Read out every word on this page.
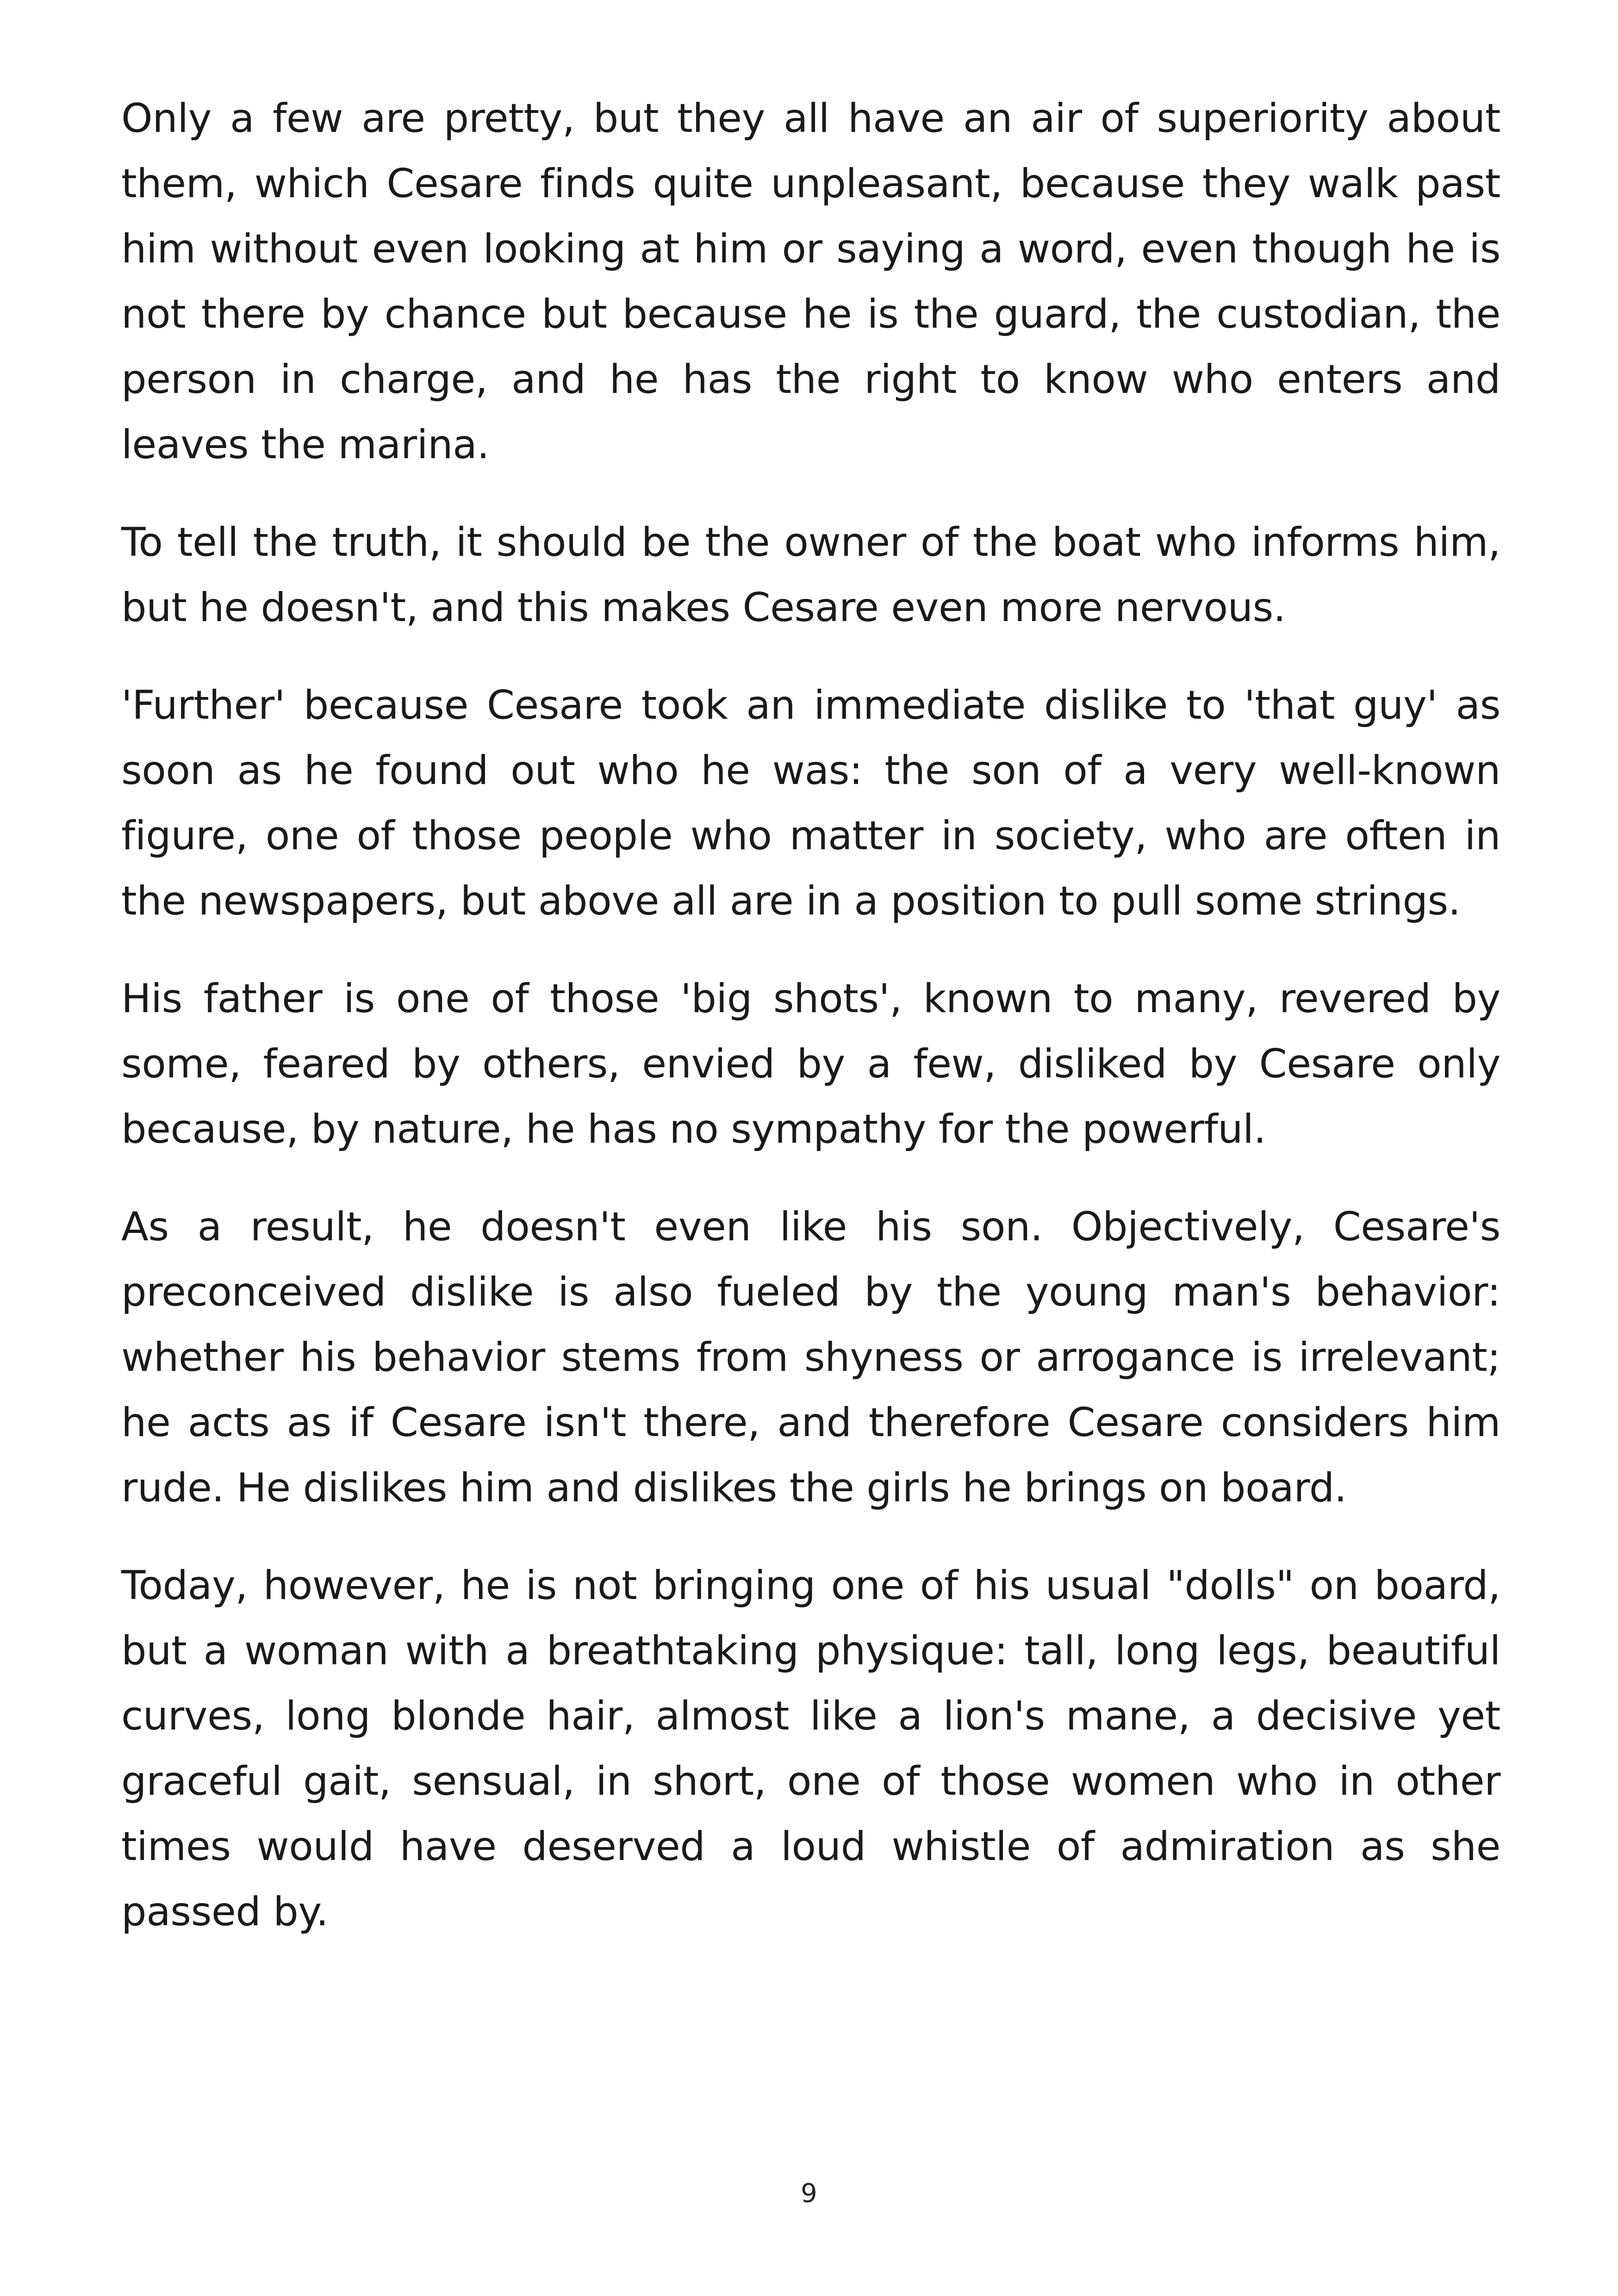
Only a few are pretty, but they all have an air of superiority about them, which Cesare finds quite unpleasant, because they walk past him without even looking at him or saying a word, even though he is not there by chance but because he is the guard, the custodian, the person in charge, and he has the right to know who enters and leaves the marina.

To tell the truth, it should be the owner of the boat who informs him, but he doesn't, and this makes Cesare even more nervous.

'Further' because Cesare took an immediate dislike to 'that guy' as soon as he found out who he was: the son of a very well-known figure, one of those people who matter in society, who are often in the newspapers, but above all are in a position to pull some strings.

His father is one of those 'big shots', known to many, revered by some, feared by others, envied by a few, disliked by Cesare only because, by nature, he has no sympathy for the powerful.

As a result, he doesn't even like his son. Objectively, Cesare's preconceived dislike is also fueled by the young man's behavior: whether his behavior stems from shyness or arrogance is irrelevant; he acts as if Cesare isn't there, and therefore Cesare considers him rude. He dislikes him and dislikes the girls he brings on board.

Today, however, he is not bringing one of his usual "dolls" on board, but a woman with a breathtaking physique: tall, long legs, beautiful curves, long blonde hair, almost like a lion's mane, a decisive yet graceful gait, sensual, in short, one of those women who in other times would have deserved a loud whistle of admiration as she passed by.

9
